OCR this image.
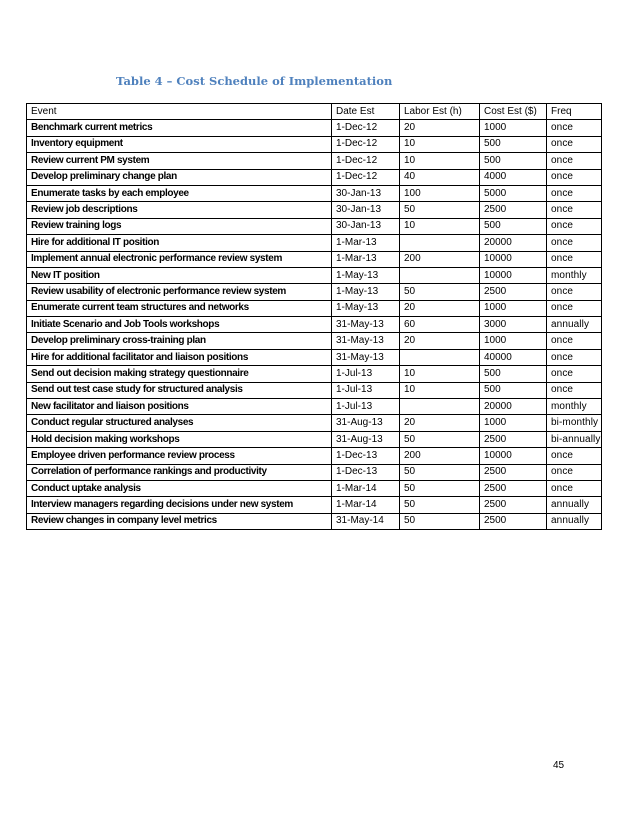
Table 4 – Cost Schedule of Implementation
Event	Date Est	Labor Est (h)	Cost Est ($)	Freq
Benchmark current metrics	1-Dec-12	20	1000	once
Inventory equipment	1-Dec-12	10	500	once
Review current PM system	1-Dec-12	10	500	once
Develop preliminary change plan	1-Dec-12	40	4000	once
Enumerate tasks by each employee	30-Jan-13	100	5000	once
Review job descriptions	30-Jan-13	50	2500	once
Review training logs	30-Jan-13	10	500	once
Hire for additional IT position	1-Mar-13		20000	once
Implement annual electronic performance review system	1-Mar-13	200	10000	once
New IT position	1-May-13		10000	monthly
Review usability of electronic performance review system	1-May-13	50	2500	once
Enumerate current team structures and networks	1-May-13	20	1000	once
Initiate Scenario and Job Tools workshops	31-May-13	60	3000	annually
Develop preliminary cross-training plan	31-May-13	20	1000	once
Hire for additional facilitator and liaison positions	31-May-13		40000	once
Send out decision making strategy questionnaire	1-Jul-13	10	500	once
Send out test case study for structured analysis	1-Jul-13	10	500	once
New facilitator and liaison positions	1-Jul-13		20000	monthly
Conduct regular structured analyses	31-Aug-13	20	1000	bi-monthly
Hold decision making workshops	31-Aug-13	50	2500	bi-annually
Employee driven performance review process	1-Dec-13	200	10000	once
Correlation of performance rankings and productivity	1-Dec-13	50	2500	once
Conduct uptake analysis	1-Mar-14	50	2500	once
Interview managers regarding decisions under new system	1-Mar-14	50	2500	annually
Review changes in company level metrics	31-May-14	50	2500	annually
45
